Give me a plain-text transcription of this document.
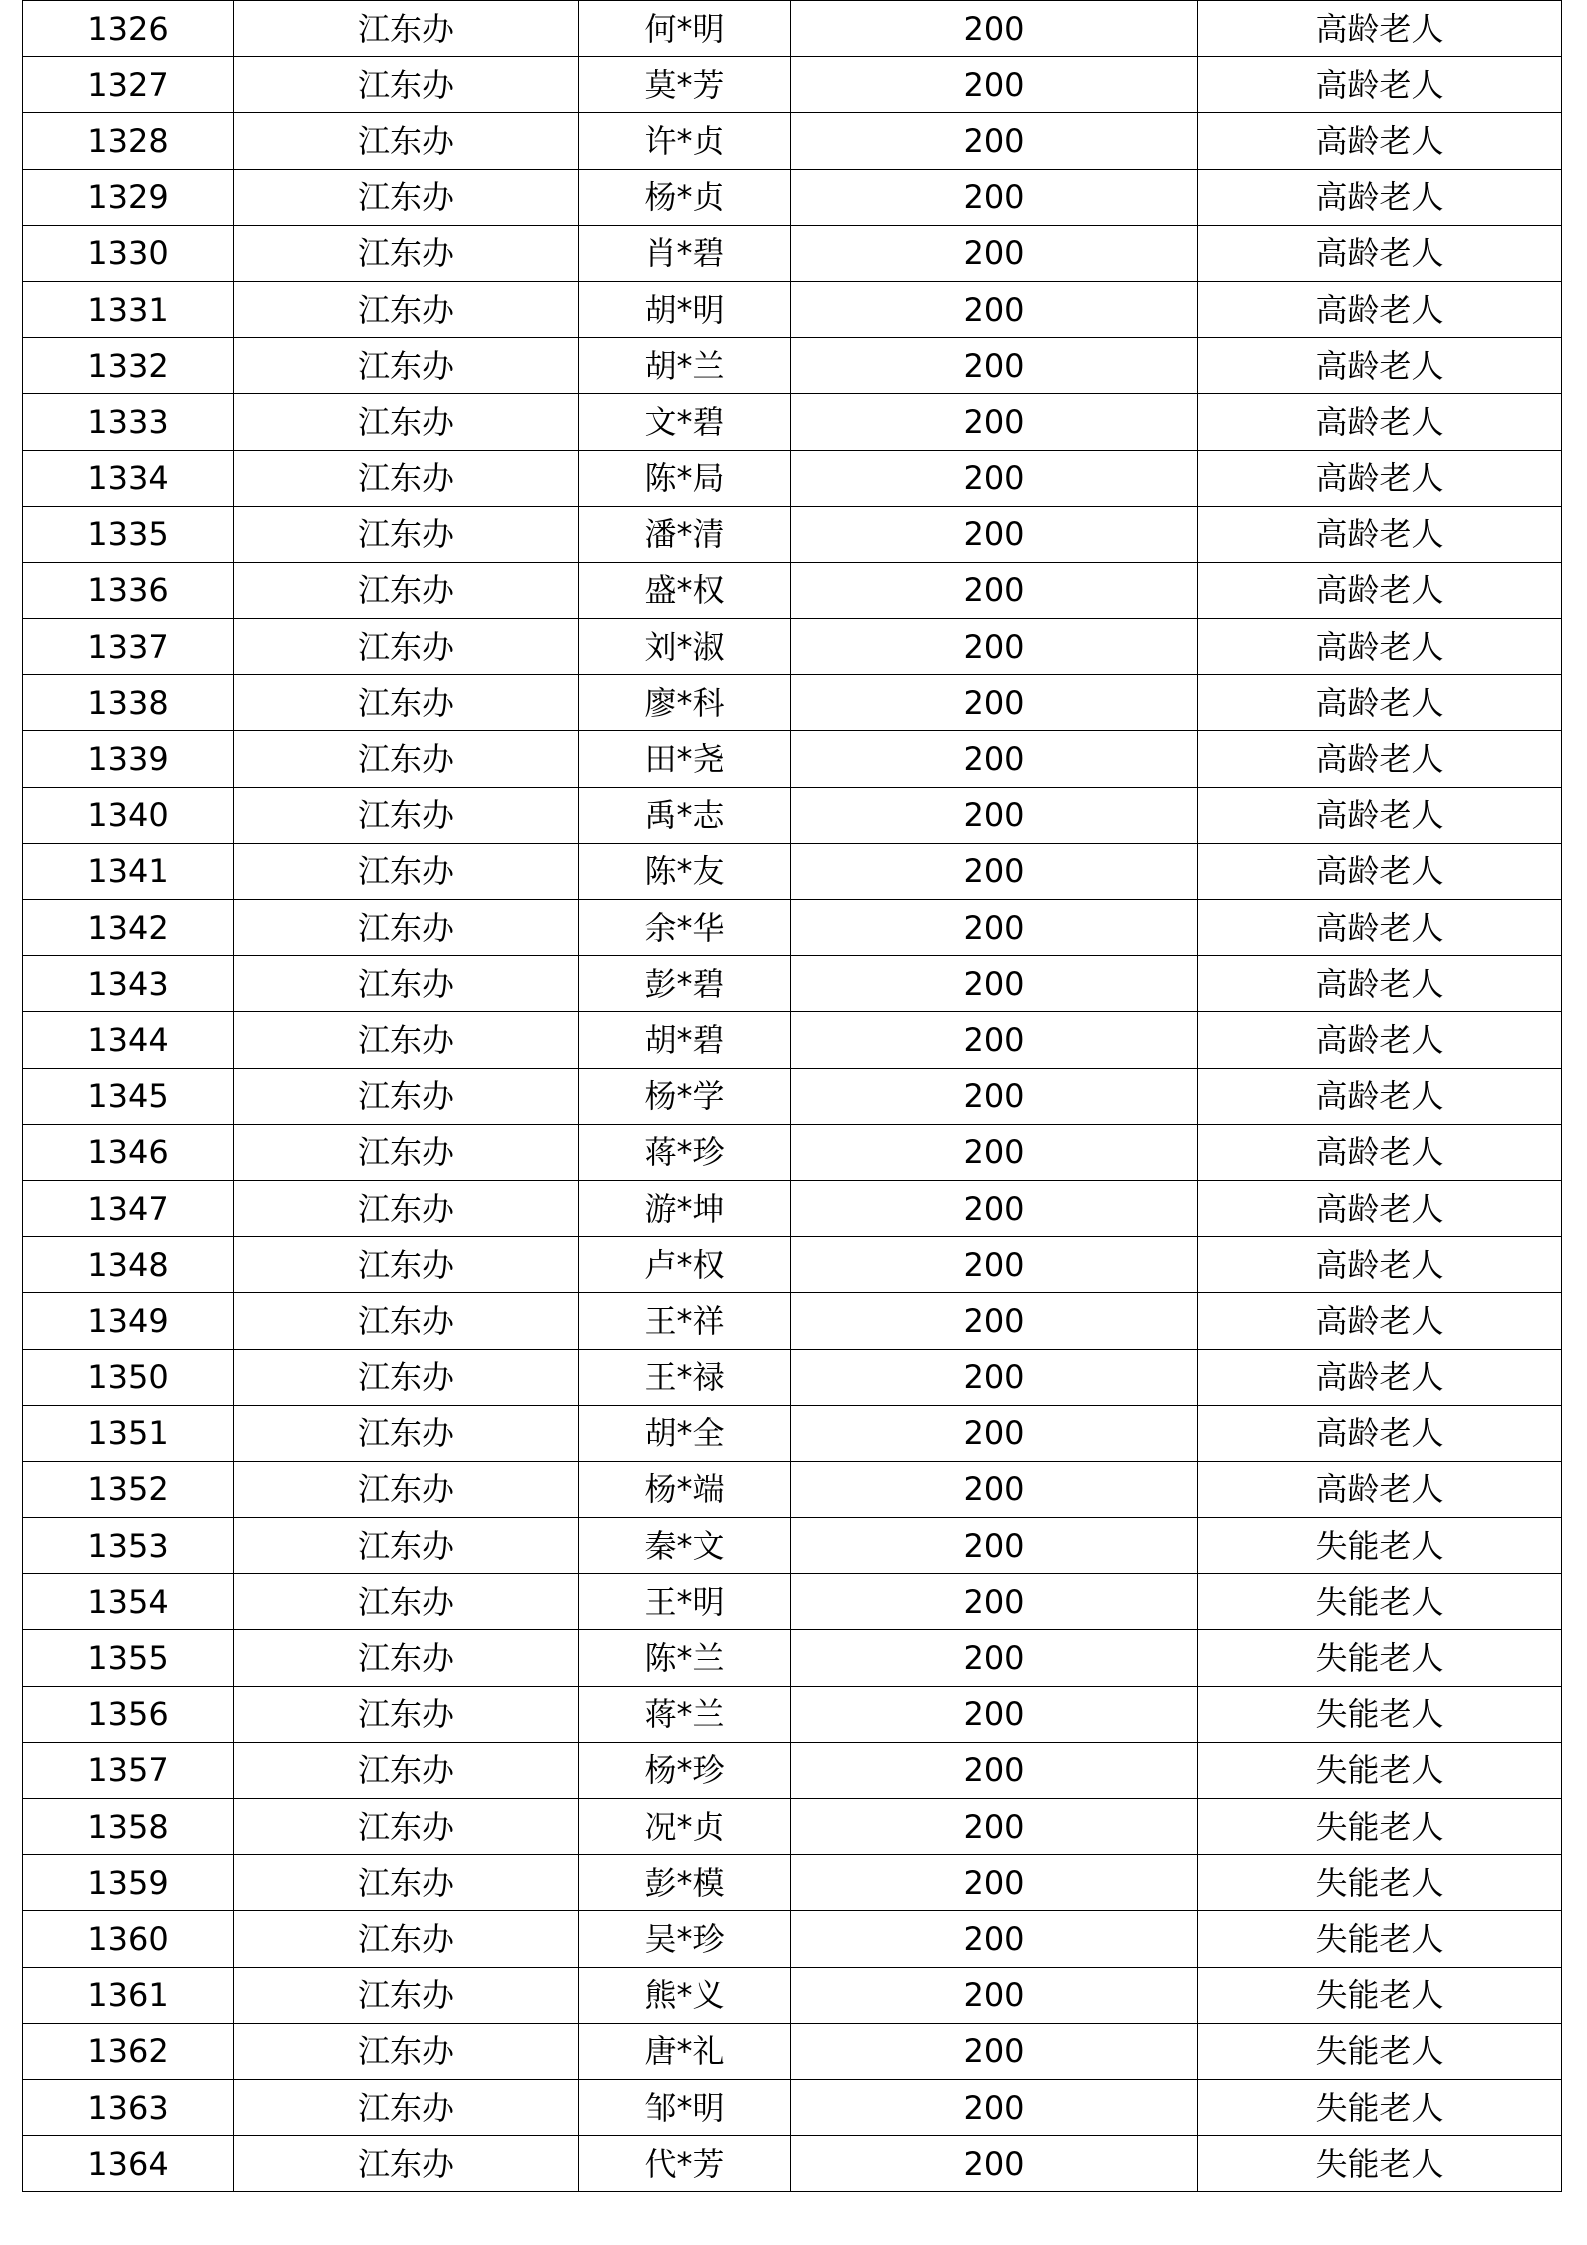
1326	江东办	何*明	200	高龄老人
1327	江东办	莫*芳	200	高龄老人
1328	江东办	许*贞	200	高龄老人
1329	江东办	杨*贞	200	高龄老人
1330	江东办	肖*碧	200	高龄老人
1331	江东办	胡*明	200	高龄老人
1332	江东办	胡*兰	200	高龄老人
1333	江东办	文*碧	200	高龄老人
1334	江东办	陈*局	200	高龄老人
1335	江东办	潘*清	200	高龄老人
1336	江东办	盛*权	200	高龄老人
1337	江东办	刘*淑	200	高龄老人
1338	江东办	廖*科	200	高龄老人
1339	江东办	田*尧	200	高龄老人
1340	江东办	禹*志	200	高龄老人
1341	江东办	陈*友	200	高龄老人
1342	江东办	余*华	200	高龄老人
1343	江东办	彭*碧	200	高龄老人
1344	江东办	胡*碧	200	高龄老人
1345	江东办	杨*学	200	高龄老人
1346	江东办	蒋*珍	200	高龄老人
1347	江东办	游*坤	200	高龄老人
1348	江东办	卢*权	200	高龄老人
1349	江东办	王*祥	200	高龄老人
1350	江东办	王*禄	200	高龄老人
1351	江东办	胡*全	200	高龄老人
1352	江东办	杨*端	200	高龄老人
1353	江东办	秦*文	200	失能老人
1354	江东办	王*明	200	失能老人
1355	江东办	陈*兰	200	失能老人
1356	江东办	蒋*兰	200	失能老人
1357	江东办	杨*珍	200	失能老人
1358	江东办	况*贞	200	失能老人
1359	江东办	彭*模	200	失能老人
1360	江东办	吴*珍	200	失能老人
1361	江东办	熊*义	200	失能老人
1362	江东办	唐*礼	200	失能老人
1363	江东办	邹*明	200	失能老人
1364	江东办	代*芳	200	失能老人
